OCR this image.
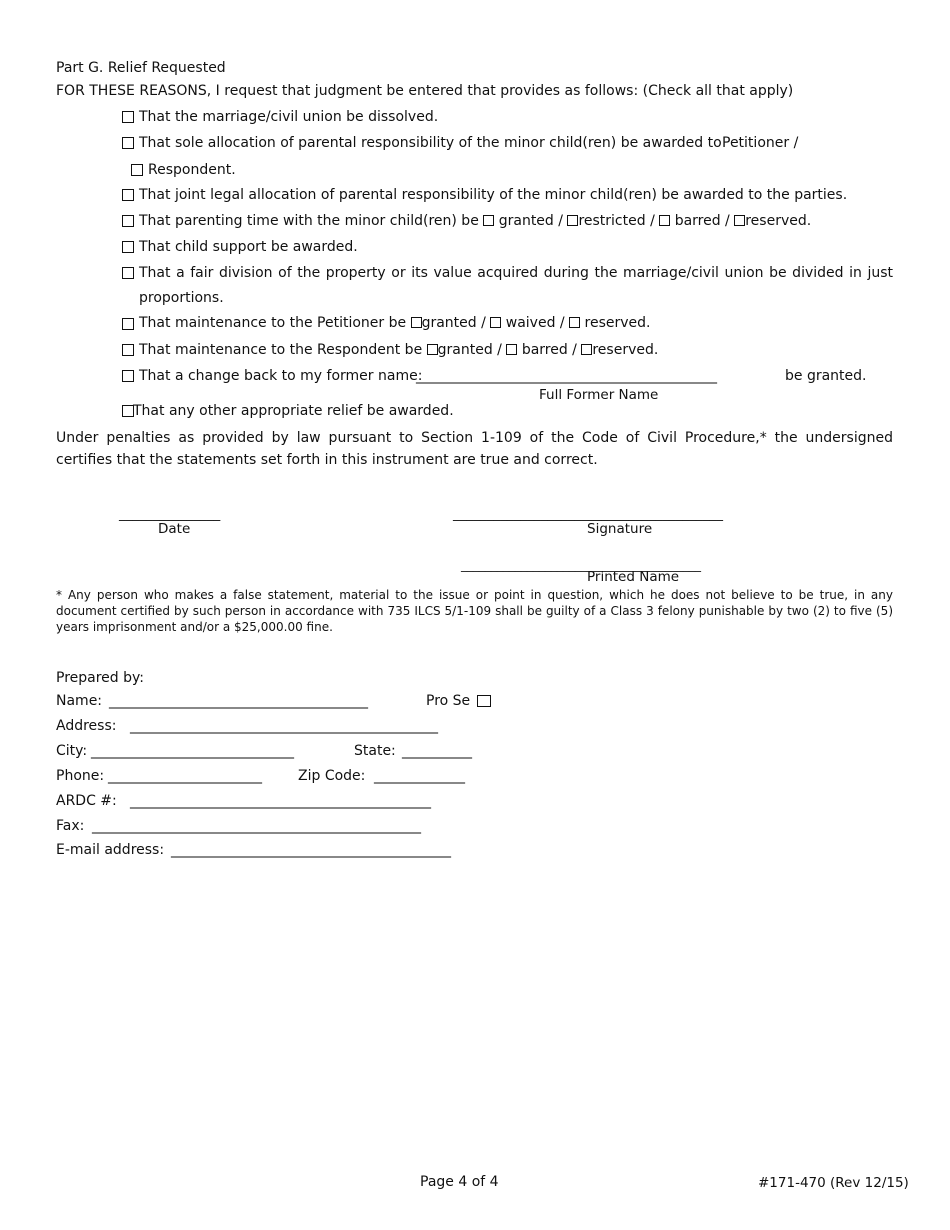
Part G. Relief Requested
FOR THESE REASONS, I request that judgment be entered that provides as follows: (Check all that apply)
That the marriage/civil union be dissolved.
That sole allocation of parental responsibility of the minor child(ren) be awarded to Petitioner /
Respondent.
That joint legal allocation of parental responsibility of the minor child(ren) be awarded to the parties.
That parenting time with the minor child(ren) be granted / restricted / barred / reserved.
That child support be awarded.
That a fair division of the property or its value acquired during the marriage/civil union be divided in just
proportions.
That maintenance to the Petitioner be granted / waived / reserved.
That maintenance to the Respondent be granted / barred / reserved.
That a change back to my former name:
___________________________________________	be granted.
Full Former Name
That any other appropriate relief be awarded.
Under penalties as provided by law pursuant to Section 1-109 of the Code of Civil Procedure,* the undersigned certifies that the statements set forth in this instrument are true and correct.
_______________
Date
________________________________________
Signature
________________________________________
Printed Name
* Any person who makes a false statement, material to the issue or point in question, which he does not believe to be true, in any document certified by such person in accordance with 735 ILCS 5/1-109 shall be guilty of a Class 3 felony punishable by two (2) to five (5) years imprisonment and/or a $25,000.00 fine.
Prepared by:
Name: _____________________________________	Pro Se
Address: ____________________________________________
City: _____________________________	State: __________
Phone: ______________________	Zip Code: _____________
ARDC #: ___________________________________________
Fax: _______________________________________________
E-mail address: ________________________________________
Page 4 of 4	#171-470 (Rev 12/15)
